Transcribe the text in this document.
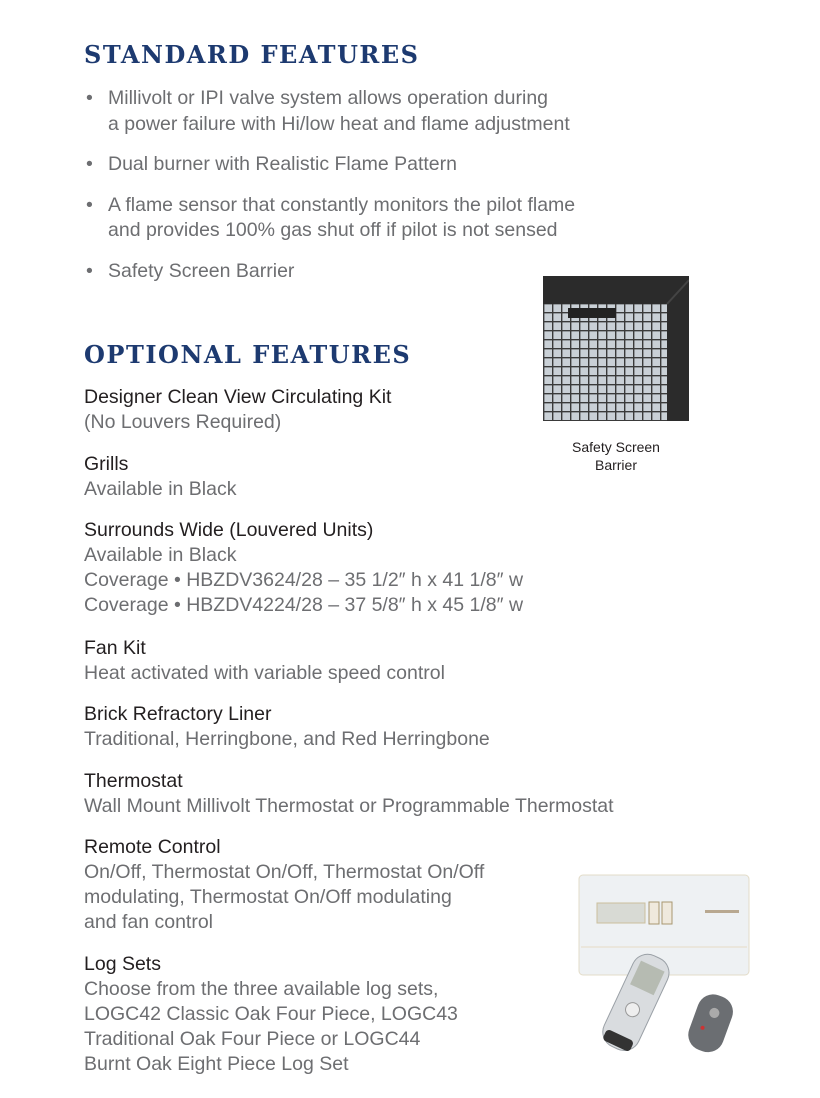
STANDARD FEATURES
• Millivolt or IPI valve system allows operation during
a power failure with Hi/low heat and flame adjustment
• Dual burner with Realistic Flame Pattern
• A flame sensor that constantly monitors the pilot flame
and provides 100% gas shut off if pilot is not sensed
• Safety Screen Barrier
Safety Screen
Barrier
OPTIONAL FEATURES
Designer Clean View Circulating Kit
(No Louvers Required)
Grills
Available in Black
Surrounds Wide (Louvered Units)
Available in Black
Coverage • HBZDV3624/28 – 35 1/2″ h x 41 1/8″ w
Coverage • HBZDV4224/28 – 37 5/8″ h x 45 1/8″ w
Fan Kit
Heat activated with variable speed control
Brick Refractory Liner
Traditional, Herringbone, and Red Herringbone
Thermostat
Wall Mount Millivolt Thermostat or Programmable Thermostat
Remote Control
On/Off, Thermostat On/Off, Thermostat On/Off
modulating, Thermostat On/Off modulating
and fan control
Log Sets
Choose from the three available log sets,
LOGC42 Classic Oak Four Piece, LOGC43
Traditional Oak Four Piece or LOGC44
Burnt Oak Eight Piece Log Set
